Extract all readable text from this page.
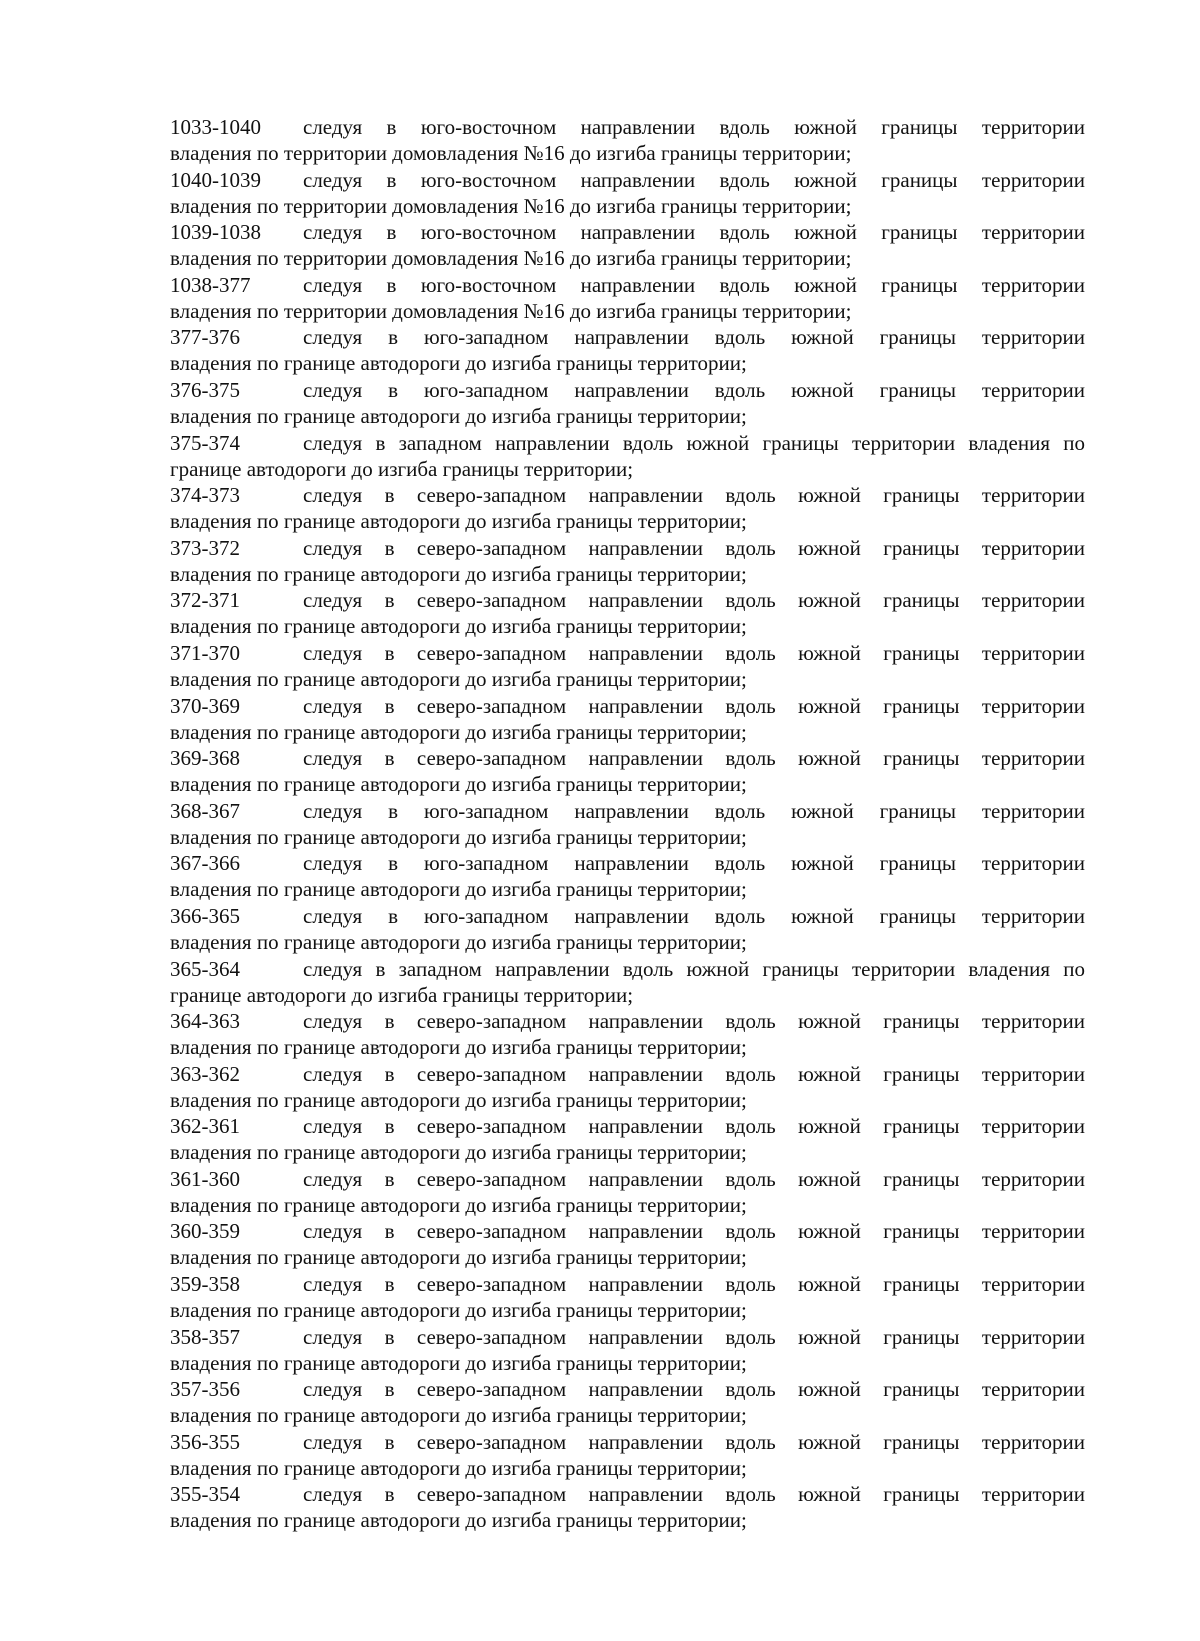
1033-1040	следуя в юго-восточном направлении вдоль южной границы территории
владения по территории домовладения №16 до изгиба границы территории;
1040-1039	следуя в юго-восточном направлении вдоль южной границы территории
владения по территории домовладения №16 до изгиба границы территории;
1039-1038	следуя в юго-восточном направлении вдоль южной границы территории
владения по территории домовладения №16 до изгиба границы территории;
1038-377	следуя в юго-восточном направлении вдоль южной границы территории
владения по территории домовладения №16 до изгиба границы территории;
377-376	следуя в юго-западном направлении вдоль южной границы территории
владения по границе автодороги до изгиба границы территории;
376-375	следуя в юго-западном направлении вдоль южной границы территории
владения по границе автодороги до изгиба границы территории;
375-374	следуя в западном направлении вдоль южной границы территории владения по
границе автодороги до изгиба границы территории;
374-373	следуя в северо-западном направлении вдоль южной границы территории
владения по границе автодороги до изгиба границы территории;
373-372	следуя в северо-западном направлении вдоль южной границы территории
владения по границе автодороги до изгиба границы территории;
372-371	следуя в северо-западном направлении вдоль южной границы территории
владения по границе автодороги до изгиба границы территории;
371-370	следуя в северо-западном направлении вдоль южной границы территории
владения по границе автодороги до изгиба границы территории;
370-369	следуя в северо-западном направлении вдоль южной границы территории
владения по границе автодороги до изгиба границы территории;
369-368	следуя в северо-западном направлении вдоль южной границы территории
владения по границе автодороги до изгиба границы территории;
368-367	следуя в юго-западном направлении вдоль южной границы территории
владения по границе автодороги до изгиба границы территории;
367-366	следуя в юго-западном направлении вдоль южной границы территории
владения по границе автодороги до изгиба границы территории;
366-365	следуя в юго-западном направлении вдоль южной границы территории
владения по границе автодороги до изгиба границы территории;
365-364	следуя в западном направлении вдоль южной границы территории владения по
границе автодороги до изгиба границы территории;
364-363	следуя в северо-западном направлении вдоль южной границы территории
владения по границе автодороги до изгиба границы территории;
363-362	следуя в северо-западном направлении вдоль южной границы территории
владения по границе автодороги до изгиба границы территории;
362-361	следуя в северо-западном направлении вдоль южной границы территории
владения по границе автодороги до изгиба границы территории;
361-360	следуя в северо-западном направлении вдоль южной границы территории
владения по границе автодороги до изгиба границы территории;
360-359	следуя в северо-западном направлении вдоль южной границы территории
владения по границе автодороги до изгиба границы территории;
359-358	следуя в северо-западном направлении вдоль южной границы территории
владения по границе автодороги до изгиба границы территории;
358-357	следуя в северо-западном направлении вдоль южной границы территории
владения по границе автодороги до изгиба границы территории;
357-356	следуя в северо-западном направлении вдоль южной границы территории
владения по границе автодороги до изгиба границы территории;
356-355	следуя в северо-западном направлении вдоль южной границы территории
владения по границе автодороги до изгиба границы территории;
355-354	следуя в северо-западном направлении вдоль южной границы территории
владения по границе автодороги до изгиба границы территории;
